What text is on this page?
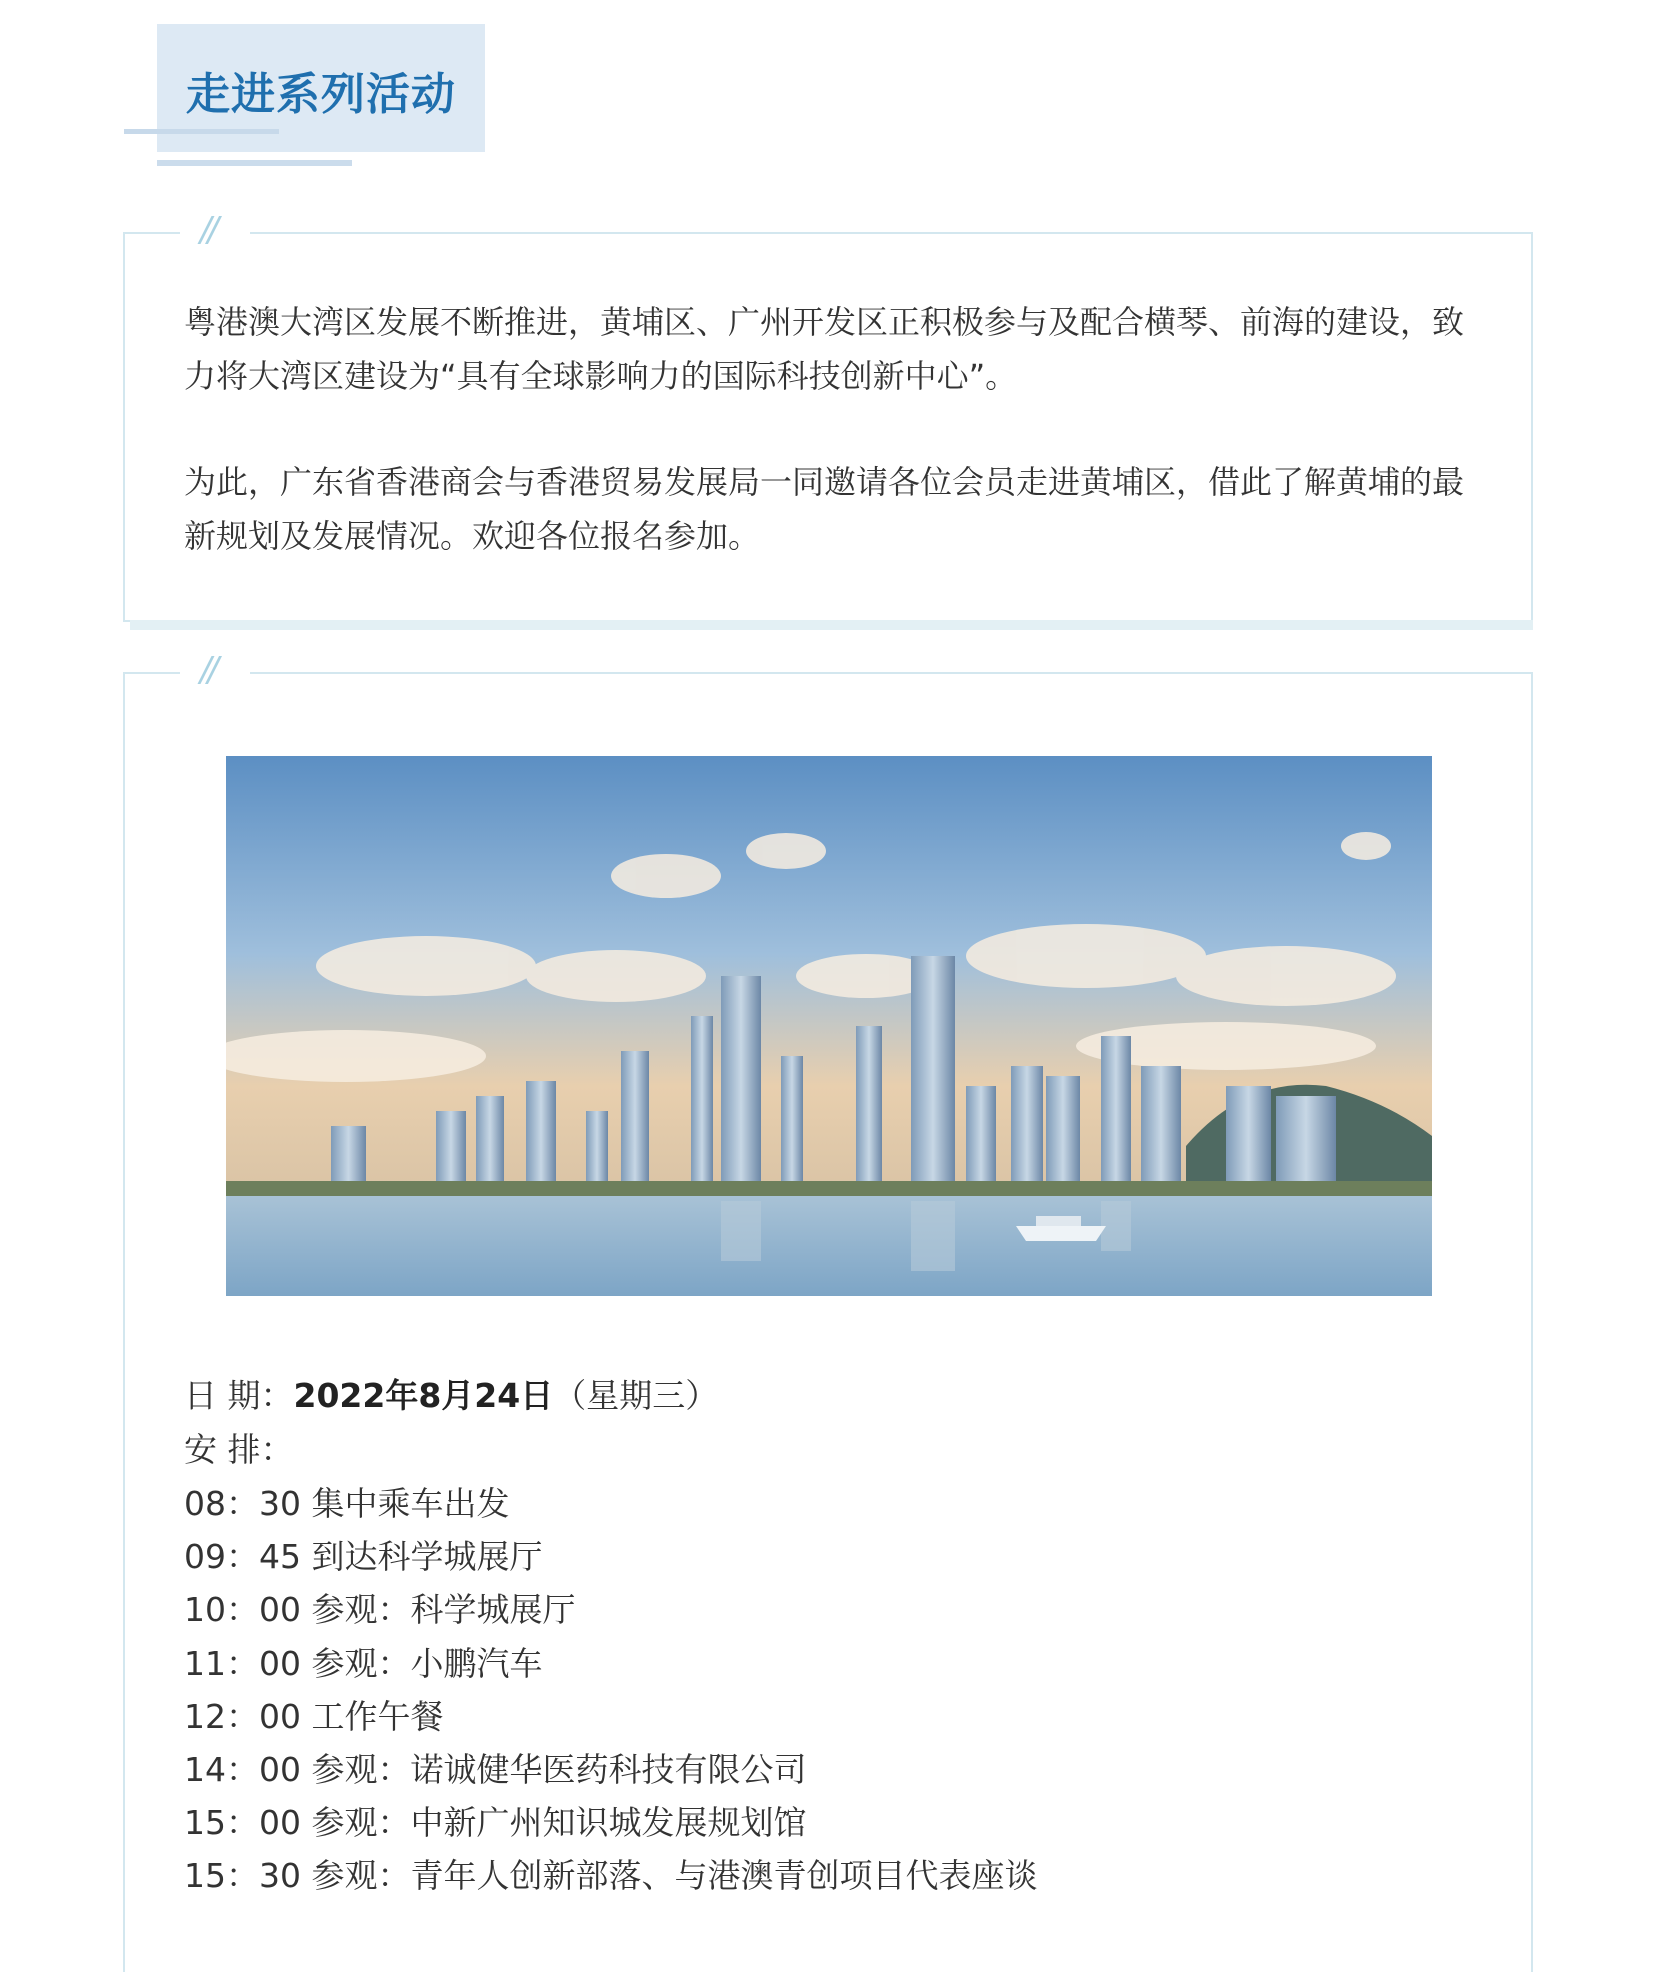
走进系列活动
//

粤港澳大湾区发展不断推进，黄埔区、广州开发区正积极参与及配合横琴、前海的建设，致力将大湾区建设为“具有全球影响力的国际科技创新中心”。

为此，广东省香港商会与香港贸易发展局一同邀请各位会员走进黄埔区，借此了解黄埔的最新规划及发展情况。欢迎各位报名参加。

//
日 期：2022年8月24日（星期三）
安 排：
08：30 集中乘车出发
09：45 到达科学城展厅
10：00 参观：科学城展厅
11：00 参观：小鹏汽车
12：00 工作午餐
14：00 参观：诺诚健华医药科技有限公司
15：00 参观：中新广州知识城发展规划馆
15：30 参观：青年人创新部落、与港澳青创项目代表座谈
